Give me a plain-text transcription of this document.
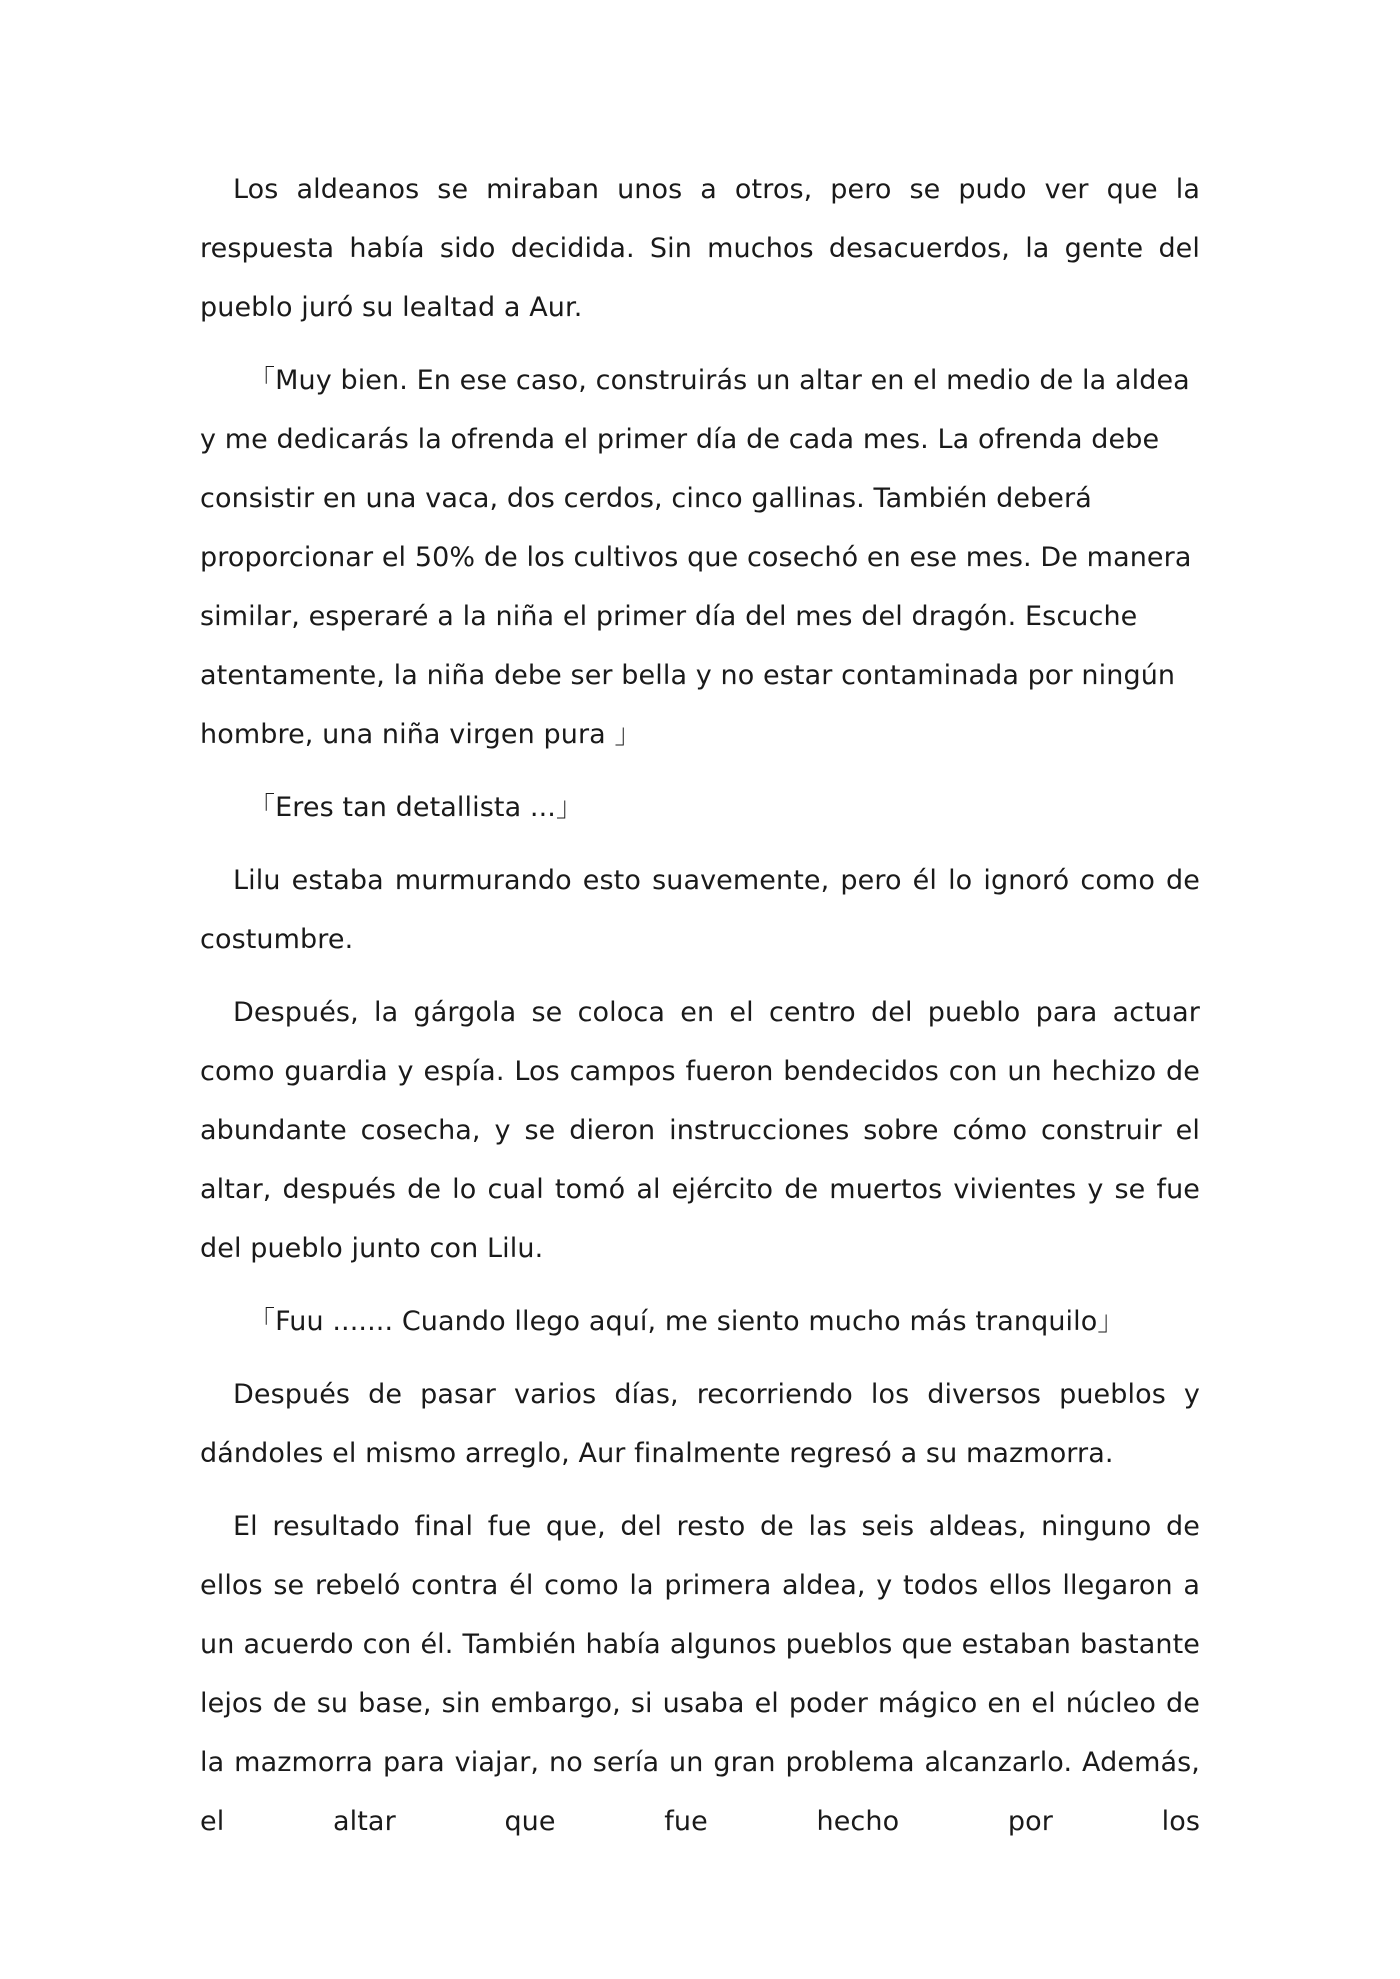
Los aldeanos se miraban unos a otros, pero se pudo ver que la respuesta había sido decidida. Sin muchos desacuerdos, la gente del pueblo juró su lealtad a Aur.

「Muy bien. En ese caso, construirás un altar en el medio de la aldea y me dedicarás la ofrenda el primer día de cada mes. La ofrenda debe consistir en una vaca, dos cerdos, cinco gallinas. También deberá proporcionar el 50% de los cultivos que cosechó en ese mes. De manera similar, esperaré a la niña el primer día del mes del dragón. Escuche atentamente, la niña debe ser bella y no estar contaminada por ningún hombre, una niña virgen pura 」

「Eres tan detallista ...」

Lilu estaba murmurando esto suavemente, pero él lo ignoró como de costumbre.

Después, la gárgola se coloca en el centro del pueblo para actuar como guardia y espía. Los campos fueron bendecidos con un hechizo de abundante cosecha, y se dieron instrucciones sobre cómo construir el altar, después de lo cual tomó al ejército de muertos vivientes y se fue del pueblo junto con Lilu.

「Fuu ....... Cuando llego aquí, me siento mucho más tranquilo」

Después de pasar varios días, recorriendo los diversos pueblos y dándoles el mismo arreglo, Aur finalmente regresó a su mazmorra.

El resultado final fue que, del resto de las seis aldeas, ninguno de ellos se rebeló contra él como la primera aldea, y todos ellos llegaron a un acuerdo con él. También había algunos pueblos que estaban bastante lejos de su base, sin embargo, si usaba el poder mágico en el núcleo de la mazmorra para viajar, no sería un gran problema alcanzarlo. Además, el altar que fue hecho por los
